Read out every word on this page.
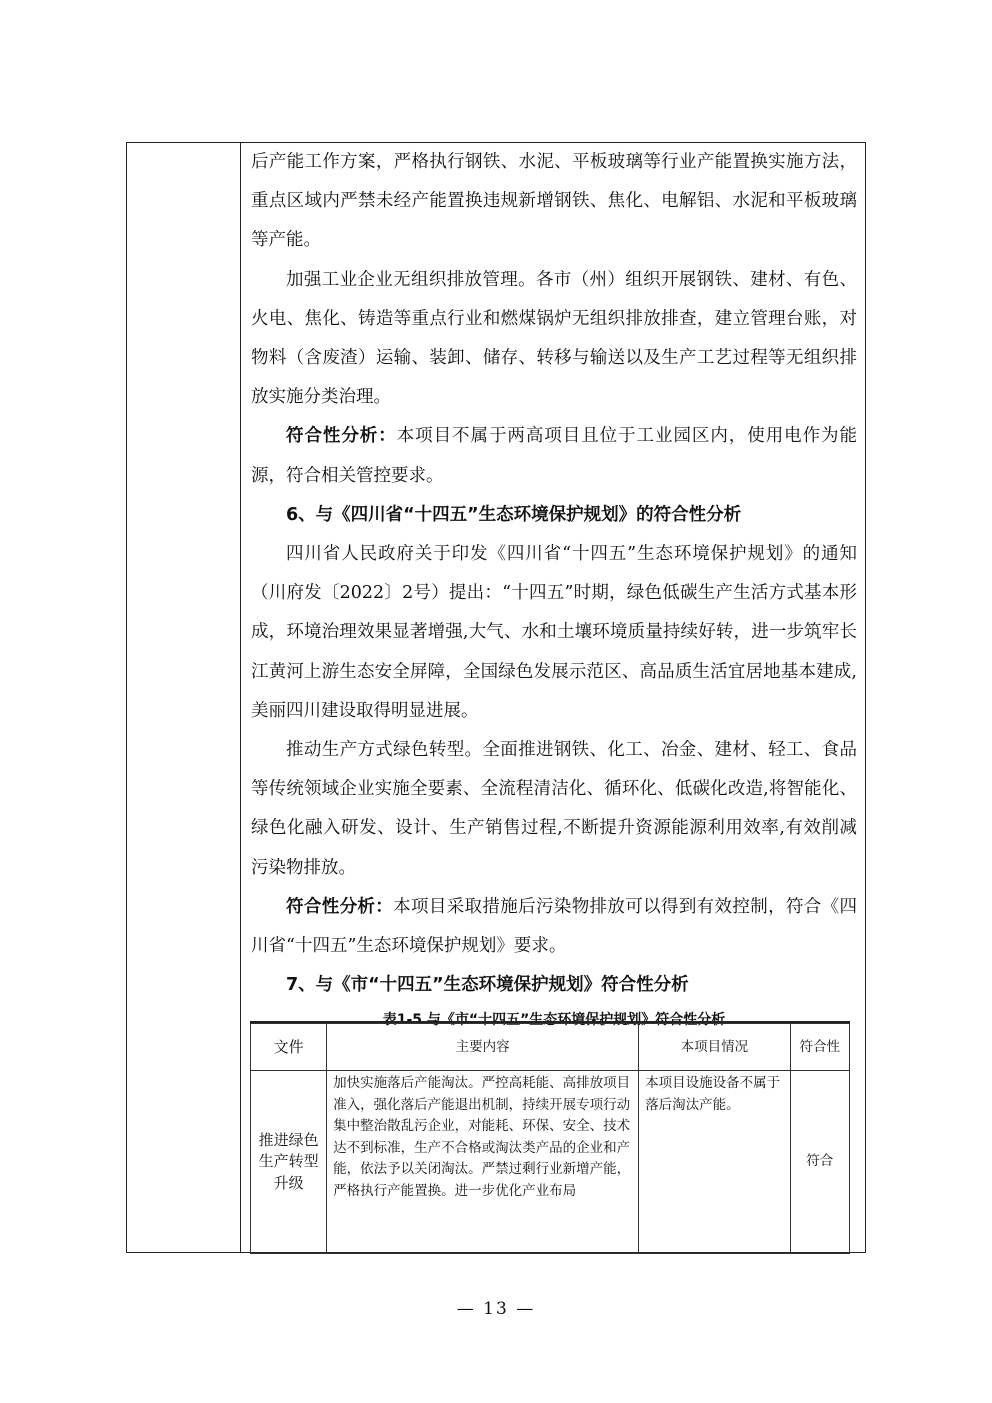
后产能工作方案，严格执行钢铁、水泥、平板玻璃等行业产能置换实施方法，重点区域内严禁未经产能置换违规新增钢铁、焦化、电解铝、水泥和平板玻璃等产能。

加强工业企业无组织排放管理。各市（州）组织开展钢铁、建材、有色、火电、焦化、铸造等重点行业和燃煤锅炉无组织排放排查，建立管理台账，对物料（含废渣）运输、装卸、储存、转移与输送以及生产工艺过程等无组织排放实施分类治理。

符合性分析：本项目不属于两高项目且位于工业园区内，使用电作为能源，符合相关管控要求。

6、与《四川省“十四五”生态环境保护规划》的符合性分析

四川省人民政府关于印发《四川省“十四五”生态环境保护规划》的通知（川府发〔2022〕2号）提出：“十四五”时期，绿色低碳生产生活方式基本形成，环境治理效果显著增强,大气、水和土壤环境质量持续好转，进一步筑牢长江黄河上游生态安全屏障，全国绿色发展示范区、高品质生活宜居地基本建成,美丽四川建设取得明显进展。

推动生产方式绿色转型。全面推进钢铁、化工、冶金、建材、轻工、食品等传统领域企业实施全要素、全流程清洁化、循环化、低碳化改造,将智能化、绿色化融入研发、设计、生产销售过程,不断提升资源能源利用效率,有效削减污染物排放。

符合性分析：本项目采取措施后污染物排放可以得到有效控制，符合《四川省“十四五”生态环境保护规划》要求。

7、与《市“十四五”生态环境保护规划》符合性分析

表1-5 与《市“十四五”生态环境保护规划》符合性分析

文件	主要内容	本项目情况	符合性
推进绿色生产转型升级	加快实施落后产能淘汰。严控高耗能、高排放项目准入，强化落后产能退出机制，持续开展专项行动集中整治散乱污企业，对能耗、环保、安全、技术达不到标准，生产不合格或淘汰类产品的企业和产能，依法予以关闭淘汰。严禁过剩行业新增产能，严格执行产能置换。进一步优化产业布局	本项目设施设备不属于落后淘汰产能。	符合
— 13 —
